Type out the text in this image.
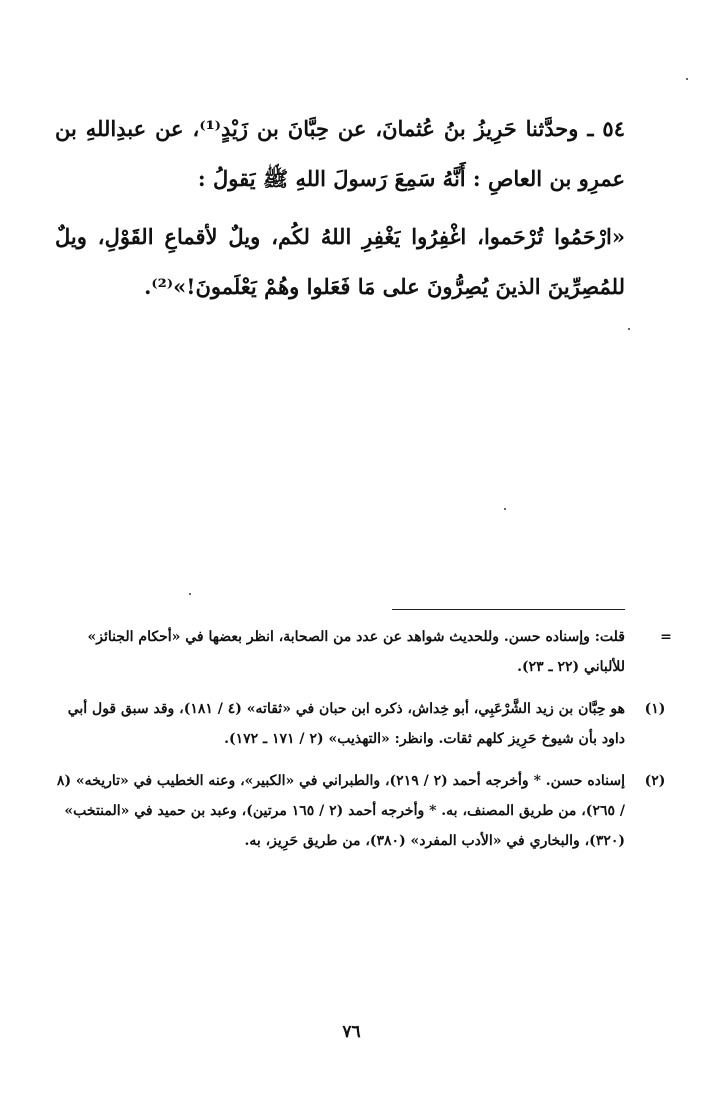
٥٤ ـ وحدَّثنا حَرِيزُ بنُ عُثمانَ، عن حِبَّانَ بن زَيْدٍ⁽¹⁾، عن عبدِاللهِ بن عمرِو بن العاصِ : أَنَّهُ سَمِعَ رَسولَ اللهِ ﷺ يَقولُ :

«ارْحَمُوا تُرْحَموا، اغْفِرُوا يَغْفِرِ اللهُ لكُم، ويلٌ لأقماعِ القَوْلِ، ويلٌ للمُصِرِّينَ الذينَ يُصِرُّونَ على مَا فَعَلوا وهُمْ يَعْلَمونَ!»⁽²⁾.

=
قلت: وإسناده حسن. وللحديث شواهد عن عدد من الصحابة، انظر بعضها في «أحكام الجنائز» للألباني (٢٢ ـ ٢٣).
(١)
هو حِبَّان بن زيد الشَّرْعَبِي، أبو خِداش، ذكره ابن حبان في «ثقاته» (٤ / ١٨١)، وقد سبق قول أبي داود بأن شيوخ حَرِيز كلهم ثقات. وانظر: «التهذيب» (٢ / ١٧١ ـ ١٧٢).
(٢)
إسناده حسن. * وأخرجه أحمد (٢ / ٢١٩)، والطبراني في «الكبير»، وعنه الخطيب في «تاريخه» (٨ / ٢٦٥)، من طريق المصنف، به. * وأخرجه أحمد (٢ / ١٦٥ مرتين)، وعبد بن حميد في «المنتخب» (٣٢٠)، والبخاري في «الأدب المفرد» (٣٨٠)، من طريق حَرِيز، به.
٧٦
